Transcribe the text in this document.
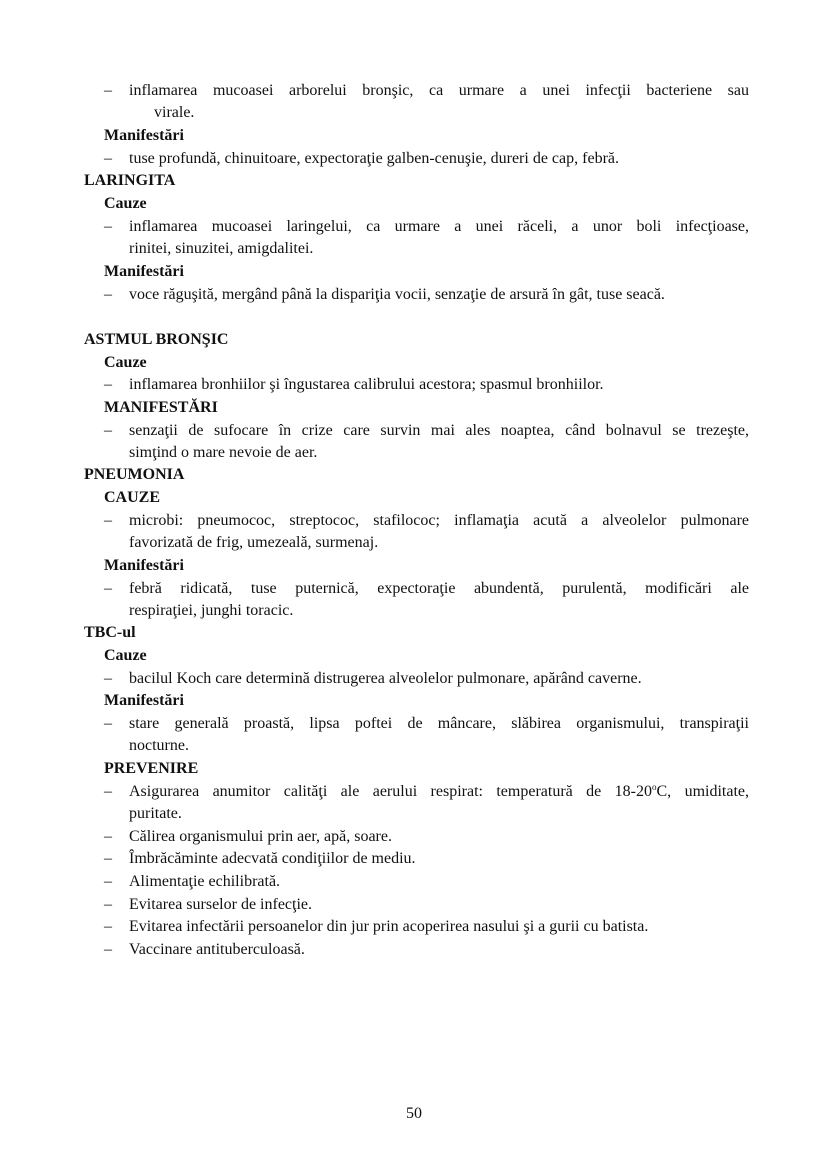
– inflamarea mucoasei arborelui bronşic, ca urmare a unei infecţii bacteriene sau
virale.
Manifestări
– tuse profundă, chinuitoare, expectoraţie galben-cenuşie, dureri de cap, febră.
LARINGITA
Cauze
– inflamarea mucoasei laringelui, ca urmare a unei răceli, a unor boli infecţioase,
rinitei, sinuzitei, amigdalitei.
Manifestări
– voce răguşită, mergând până la dispariţia vocii, senzaţie de arsură în gât, tuse seacă.
ASTMUL BRONŞIC
Cauze
– inflamarea bronhiilor şi îngustarea calibrului acestora; spasmul bronhiilor.
MANIFESTĂRI
– senzaţii de sufocare în crize care survin mai ales noaptea, când bolnavul se trezeşte,
simţind o mare nevoie de aer.
PNEUMONIA
CAUZE
– microbi: pneumococ, streptococ, stafilococ; inflamaţia acută a alveolelor pulmonare
favorizată de frig, umezeală, surmenaj.
Manifestări
– febră ridicată, tuse puternică, expectoraţie abundentă, purulentă, modificări ale
respiraţiei, junghi toracic.
TBC-ul
Cauze
– bacilul Koch care determină distrugerea alveolelor pulmonare, apărând caverne.
Manifestări
– stare generală proastă, lipsa poftei de mâncare, slăbirea organismului, transpiraţii
nocturne.
PREVENIRE
– Asigurarea anumitor calităţi ale aerului respirat: temperatură de 18-20$^o$C, umiditate,
puritate.
– Călirea organismului prin aer, apă, soare.
– Îmbrăcăminte adecvată condiţiilor de mediu.
– Alimentaţie echilibrată.
– Evitarea surselor de infecţie.
– Evitarea infectării persoanelor din jur prin acoperirea nasului şi a gurii cu batista.
– Vaccinare antituberculoasă.
50
